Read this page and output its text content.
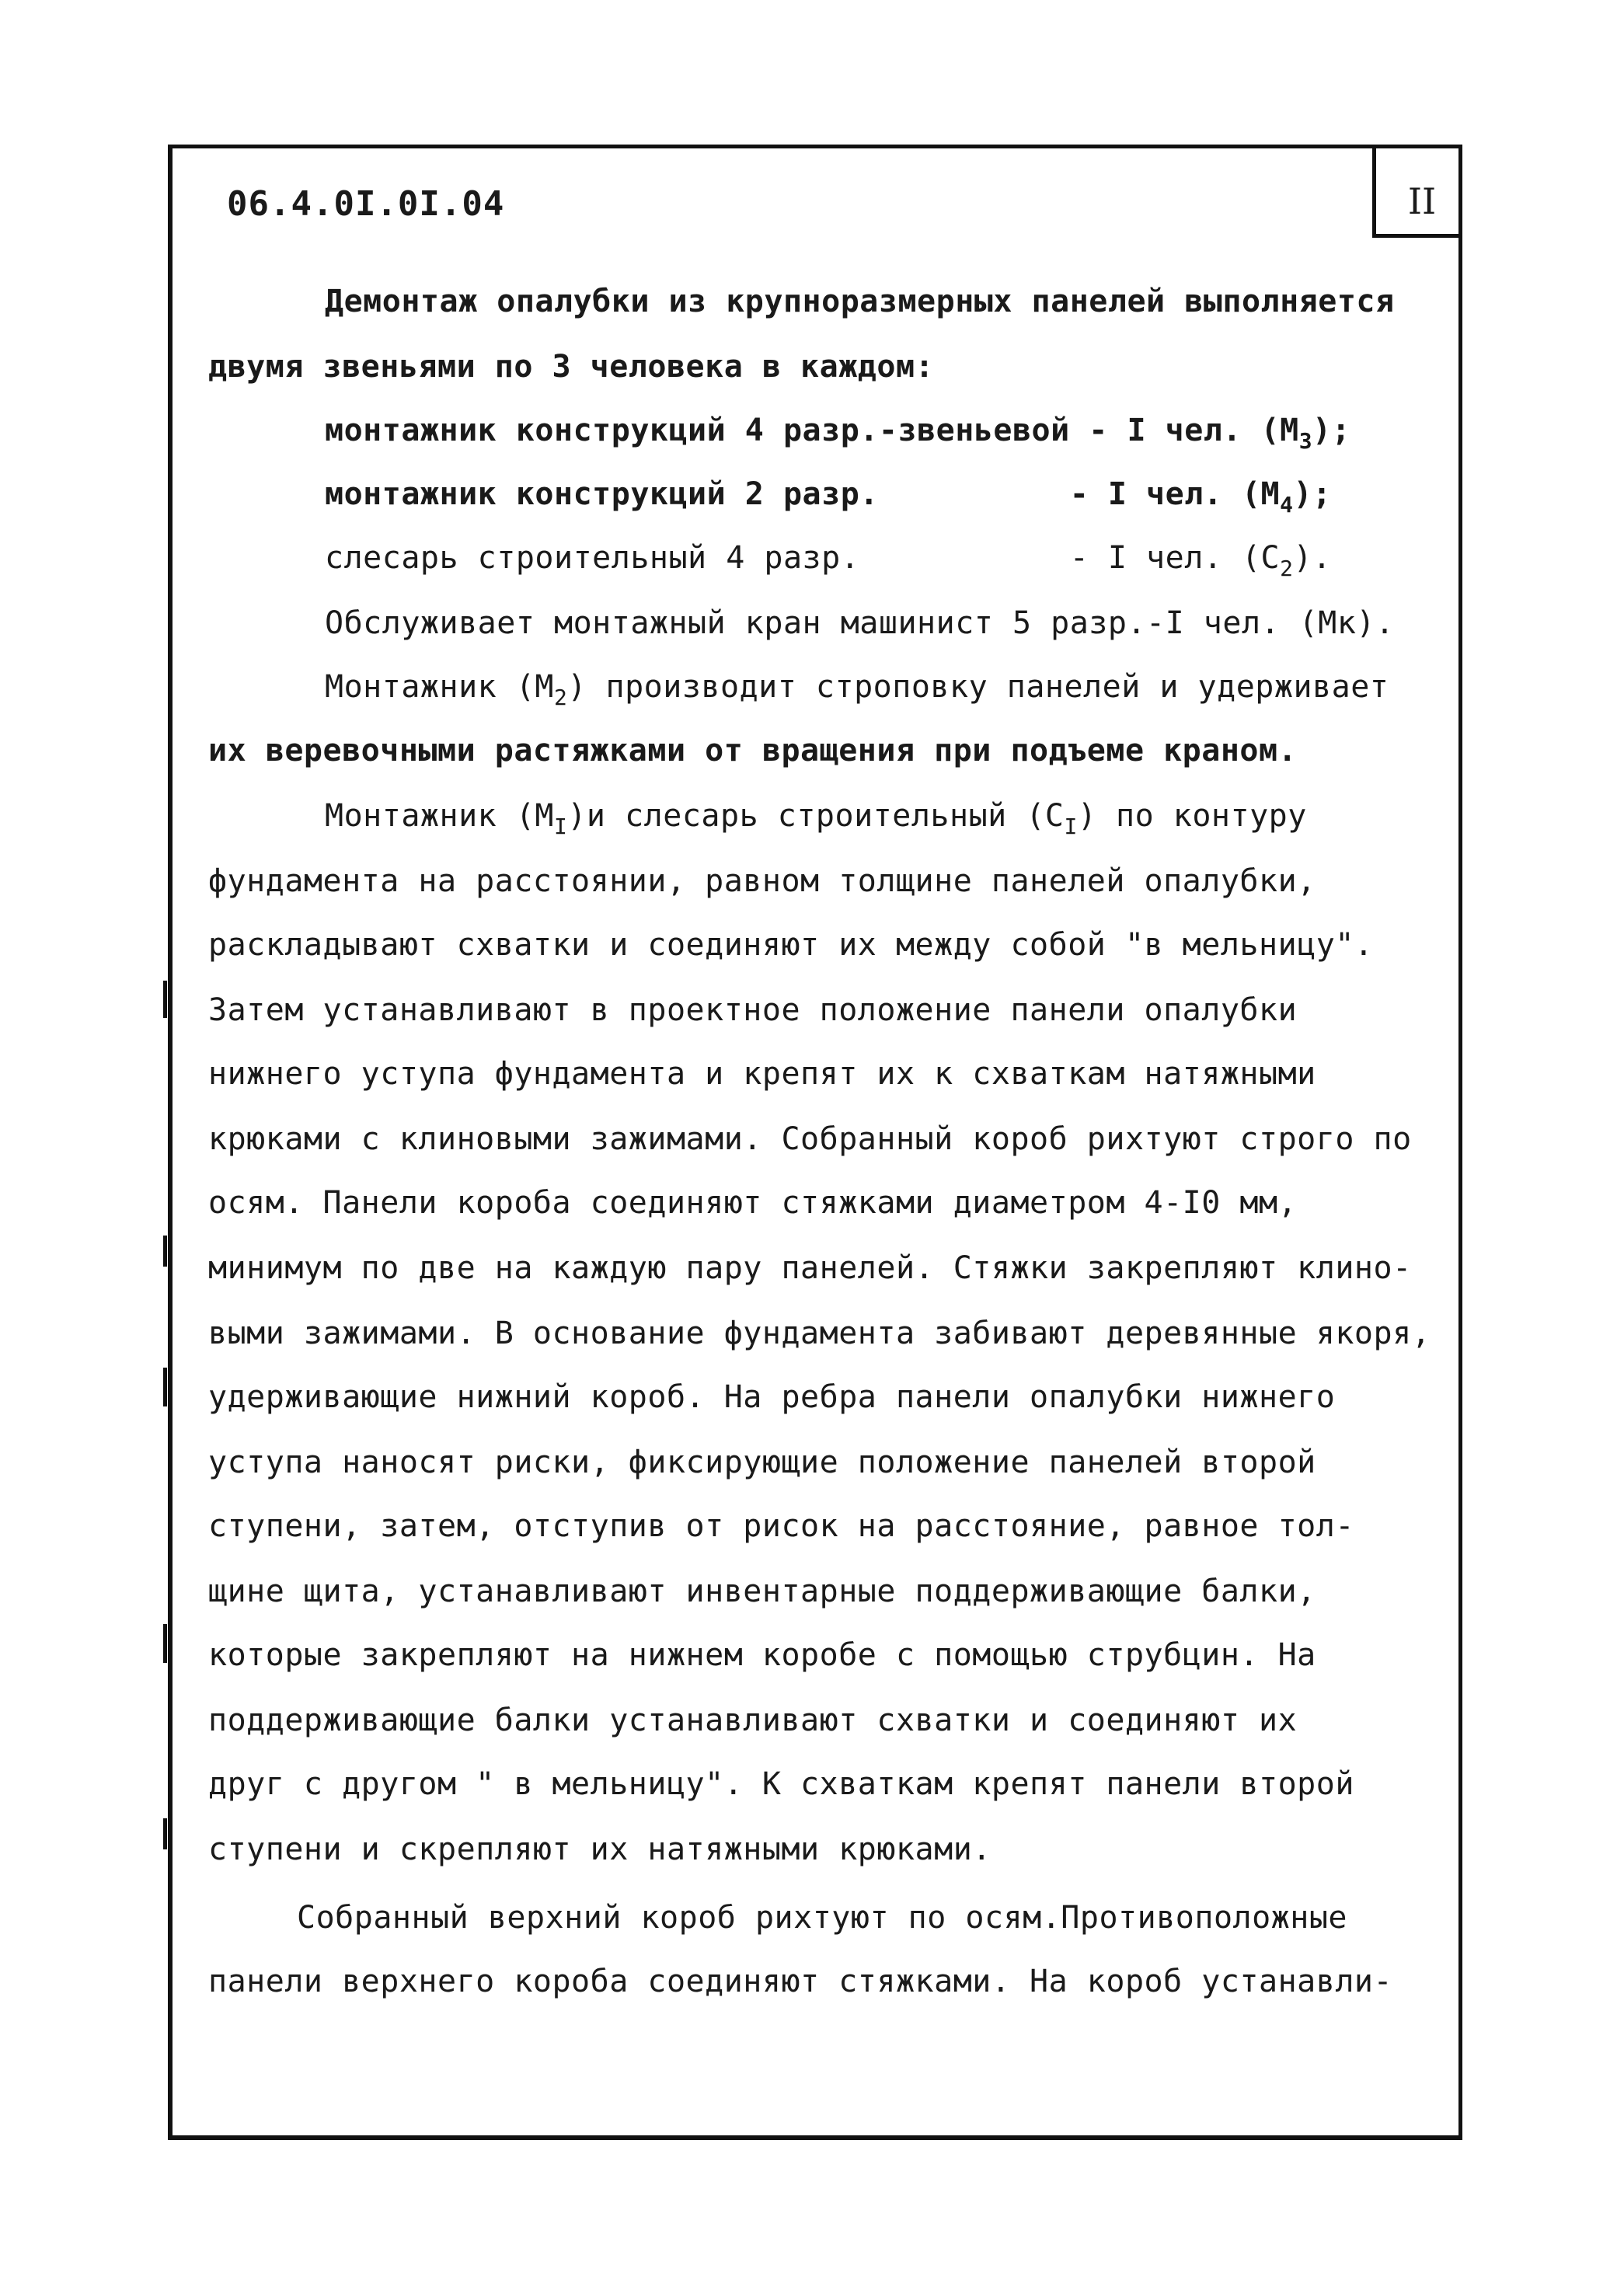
II
06.4.0I.0I.04
Демонтаж опалубки из крупноразмерных панелей выполняется
двумя звеньями по 3 человека в каждом:
монтажник конструкций 4 разр.-звеньевой - I чел. $(М_3)$;
монтажник конструкций 2 разр.          - I чел. $(М_4)$;
слесарь строительный 4 разр.           - I чел. $(С_2)$.
Обслуживает монтажный кран машинист 5 разр.-I чел. (Мк).
Монтажник $(М_2)$ производит строповку панелей и удерживает
их веревочными растяжками от вращения при подъеме краном.
Монтажник $(М_I)и$ слесарь строительный $(С_I)$ по контуру
фундамента на расстоянии, равном толщине панелей опалубки,
раскладывают схватки и соединяют их между собой "в мельницу".
Затем устанавливают в проектное положение панели опалубки
нижнего уступа фундамента и крепят их к схваткам натяжными
крюками с клиновыми зажимами. Собранный короб рихтуют строго по
осям. Панели короба соединяют стяжками диаметром 4-I0 мм,
минимум по две на каждую пару панелей. Стяжки закрепляют клино-
выми зажимами. В основание фундамента забивают деревянные якоря,
удерживающие нижний короб. На ребра панели опалубки нижнего
уступа наносят риски, фиксирующие положение панелей второй
ступени, затем, отступив от рисок на расстояние, равное тол-
щине щита, устанавливают инвентарные поддерживающие балки,
которые закрепляют на нижнем коробе с помощью струбцин. На
поддерживающие балки устанавливают схватки и соединяют их
друг с другом " в мельницу". К схваткам крепят панели второй
ступени и скрепляют их натяжными крюками.
Собранный верхний короб рихтуют по осям.Противоположные
панели верхнего короба соединяют стяжками. На короб устанавли-
